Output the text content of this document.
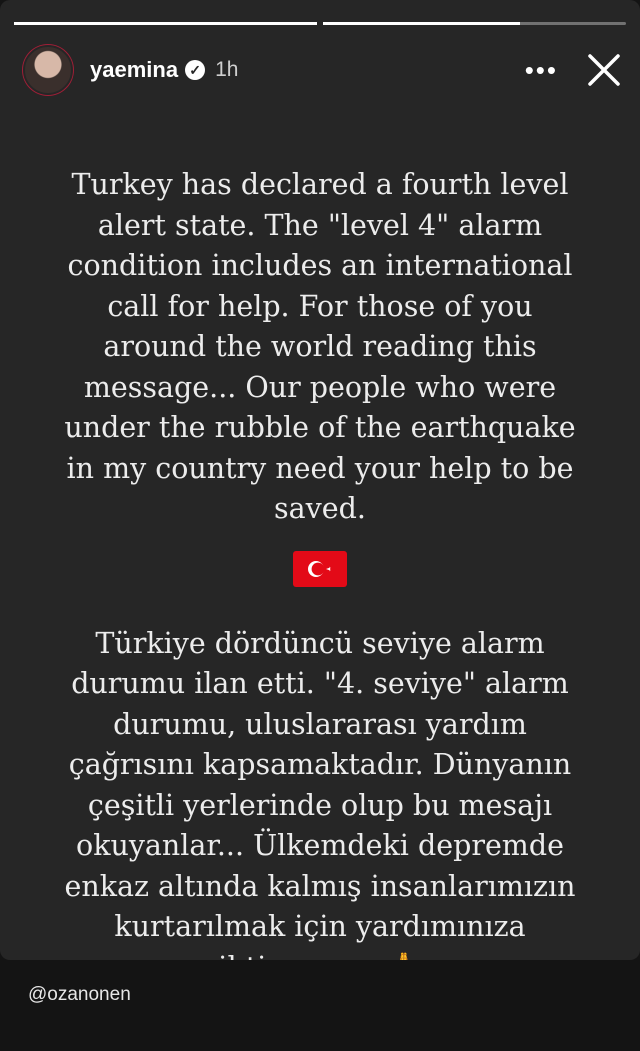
yaemina ✓ 1h	•••

Turkey has declared a fourth level
alert state. The "level 4" alarm
condition includes an international
call for help. For those of you
around the world reading this
message... Our people who were
under the rubble of the earthquake
in my country need your help to be
saved.

Türkiye dördüncü seviye alarm
durumu ilan etti. "4. seviye" alarm
durumu, uluslararası yardım
çağrısını kapsamaktadır. Dünyanın
çeşitli yerlerinde olup bu mesajı
okuyanlar... Ülkemdeki depremde
enkaz altında kalmış insanlarımızın
kurtarılmak için yardımınıza

@ozanonen
